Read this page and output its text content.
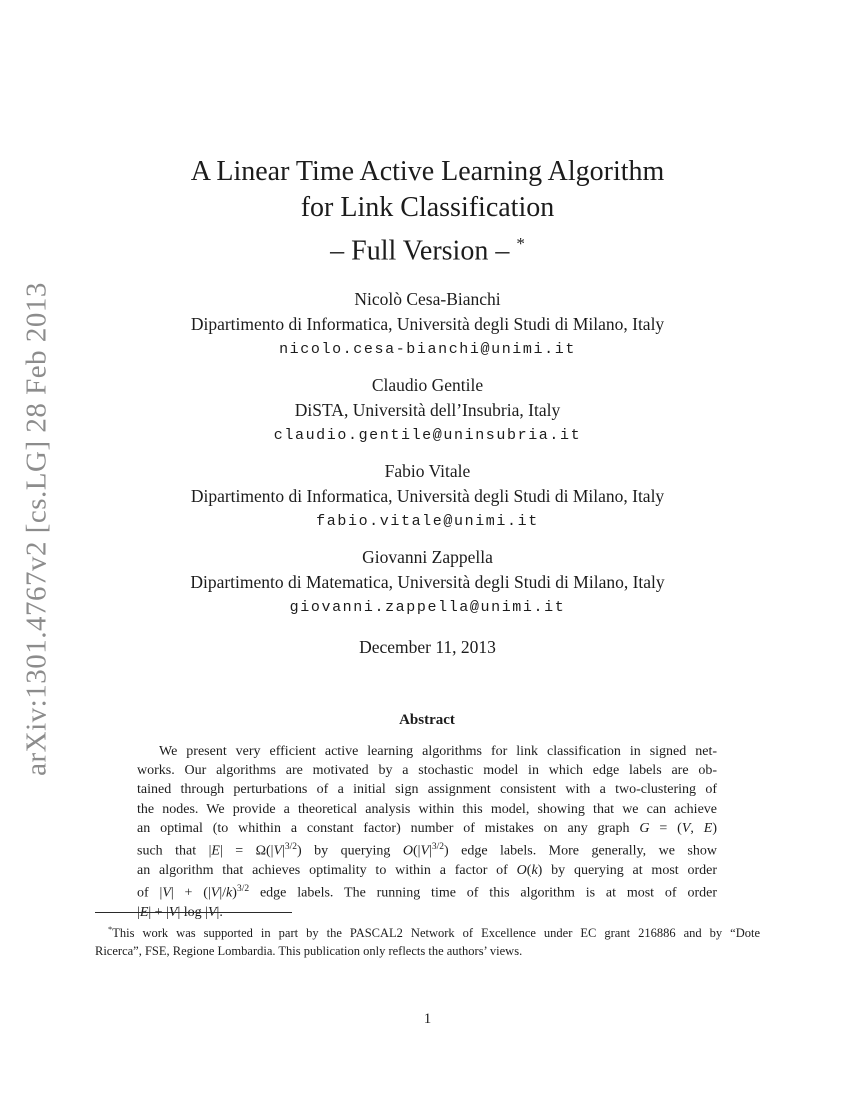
arXiv:1301.4767v2 [cs.LG] 28 Feb 2013
A Linear Time Active Learning Algorithm
for Link Classification
– Full Version – *
Nicolò Cesa-Bianchi
Dipartimento di Informatica, Università degli Studi di Milano, Italy
nicolo.cesa-bianchi@unimi.it
Claudio Gentile
DiSTA, Università dell’Insubria, Italy
claudio.gentile@uninsubria.it
Fabio Vitale
Dipartimento di Informatica, Università degli Studi di Milano, Italy
fabio.vitale@unimi.it
Giovanni Zappella
Dipartimento di Matematica, Università degli Studi di Milano, Italy
giovanni.zappella@unimi.it
December 11, 2013
Abstract
We present very efficient active learning algorithms for link classification in signed net-
works. Our algorithms are motivated by a stochastic model in which edge labels are ob-
tained through perturbations of a initial sign assignment consistent with a two-clustering of
the nodes. We provide a theoretical analysis within this model, showing that we can achieve
an optimal (to whithin a constant factor) number of mistakes on any graph G = (V, E)
such that $|E| = \Omega(|V|^{3/2})$ by querying $O(|V|^{3/2})$ edge labels. More generally, we show
an algorithm that achieves optimality to within a factor of O(k) by querying at most order
of $|V| + (|V|/k)^{3/2}$ edge labels. The running time of this algorithm is at most of order
|E| + |V| log |V|.
*This work was supported in part by the PASCAL2 Network of Excellence under EC grant 216886 and by “Dote
Ricerca”, FSE, Regione Lombardia. This publication only reflects the authors’ views.
1
